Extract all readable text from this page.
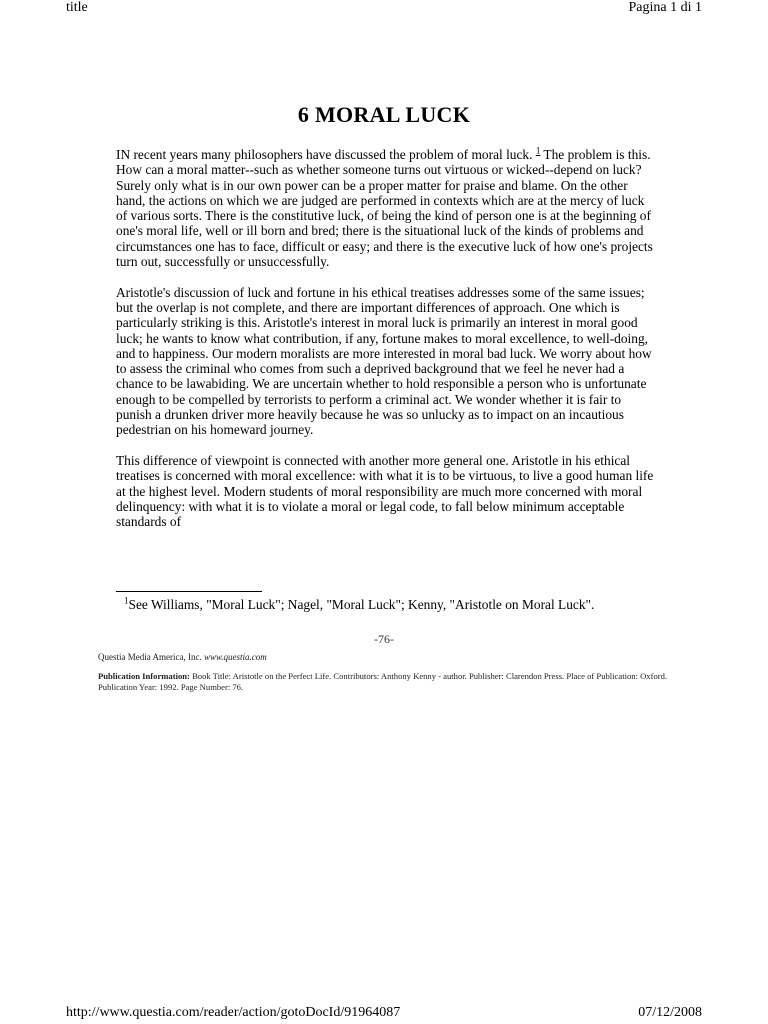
title	Pagina 1 di 1
6 MORAL LUCK

IN recent years many philosophers have discussed the problem of moral luck. $^1$ The problem is this. How can a moral matter--such as whether someone turns out virtuous or wicked--depend on luck? Surely only what is in our own power can be a proper matter for praise and blame. On the other hand, the actions on which we are judged are performed in contexts which are at the mercy of luck of various sorts. There is the constitutive luck, of being the kind of person one is at the beginning of one's moral life, well or ill born and bred; there is the situational luck of the kinds of problems and circumstances one has to face, difficult or easy; and there is the executive luck of how one's projects turn out, successfully or unsuccessfully.

Aristotle's discussion of luck and fortune in his ethical treatises addresses some of the same issues; but the overlap is not complete, and there are important differences of approach. One which is particularly striking is this. Aristotle's interest in moral luck is primarily an interest in moral good luck; he wants to know what contribution, if any, fortune makes to moral excellence, to well-doing, and to happiness. Our modern moralists are more interested in moral bad luck. We worry about how to assess the criminal who comes from such a deprived background that we feel he never had a chance to be lawabiding. We are uncertain whether to hold responsible a person who is unfortunate enough to be compelled by terrorists to perform a criminal act. We wonder whether it is fair to punish a drunken driver more heavily because he was so unlucky as to impact on an incautious pedestrian on his homeward journey.

This difference of viewpoint is connected with another more general one. Aristotle in his ethical treatises is concerned with moral excellence: with what it is to be virtuous, to live a good human life at the highest level. Modern students of moral responsibility are much more concerned with moral delinquency: with what it is to violate a moral or legal code, to fall below minimum acceptable standards of

$^1$See Williams, "Moral Luck"; Nagel, "Moral Luck"; Kenny, "Aristotle on Moral Luck".
-76-
Questia Media America, Inc. www.questia.com
Publication Information: Book Title: Aristotle on the Perfect Life. Contributors: Anthony Kenny - author. Publisher: Clarendon Press. Place of Publication: Oxford. Publication Year: 1992. Page Number: 76.
http://www.questia.com/reader/action/gotoDocId/91964087	07/12/2008
